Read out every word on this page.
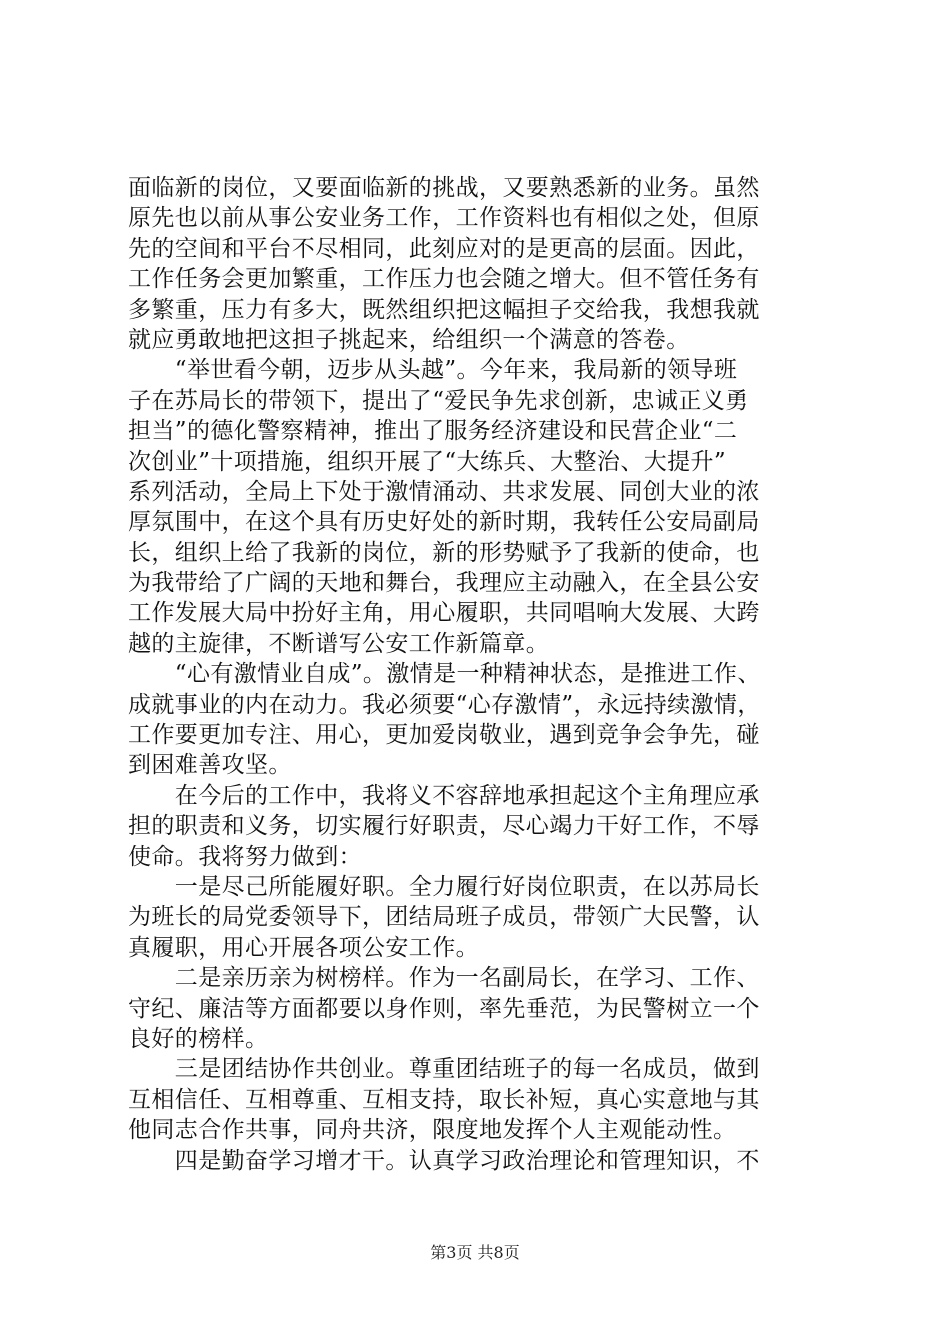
面临新的岗位，又要面临新的挑战，又要熟悉新的业务。虽然
原先也以前从事公安业务工作，工作资料也有相似之处，但原
先的空间和平台不尽相同，此刻应对的是更高的层面。因此，
工作任务会更加繁重，工作压力也会随之增大。但不管任务有
多繁重，压力有多大，既然组织把这幅担子交给我，我想我就
就应勇敢地把这担子挑起来，给组织一个满意的答卷。
　　“举世看今朝，迈步从头越”。今年来，我局新的领导班
子在苏局长的带领下，提出了“爱民争先求创新，忠诚正义勇
担当”的德化警察精神，推出了服务经济建设和民营企业“二
次创业”十项措施，组织开展了“大练兵、大整治、大提升”
系列活动，全局上下处于激情涌动、共求发展、同创大业的浓
厚氛围中，在这个具有历史好处的新时期，我转任公安局副局
长，组织上给了我新的岗位，新的形势赋予了我新的使命，也
为我带给了广阔的天地和舞台，我理应主动融入，在全县公安
工作发展大局中扮好主角，用心履职，共同唱响大发展、大跨
越的主旋律，不断谱写公安工作新篇章。
　　“心有激情业自成”。激情是一种精神状态，是推进工作、
成就事业的内在动力。我必须要“心存激情”，永远持续激情，
工作要更加专注、用心，更加爱岗敬业，遇到竞争会争先，碰
到困难善攻坚。
　　在今后的工作中，我将义不容辞地承担起这个主角理应承
担的职责和义务，切实履行好职责，尽心竭力干好工作，不辱
使命。我将努力做到：
　　一是尽己所能履好职。全力履行好岗位职责，在以苏局长
为班长的局党委领导下，团结局班子成员，带领广大民警，认
真履职，用心开展各项公安工作。
　　二是亲历亲为树榜样。作为一名副局长，在学习、工作、
守纪、廉洁等方面都要以身作则，率先垂范，为民警树立一个
良好的榜样。
　　三是团结协作共创业。尊重团结班子的每一名成员，做到
互相信任、互相尊重、互相支持，取长补短，真心实意地与其
他同志合作共事，同舟共济，限度地发挥个人主观能动性。
　　四是勤奋学习增才干。认真学习政治理论和管理知识，不
第3页 共8页
